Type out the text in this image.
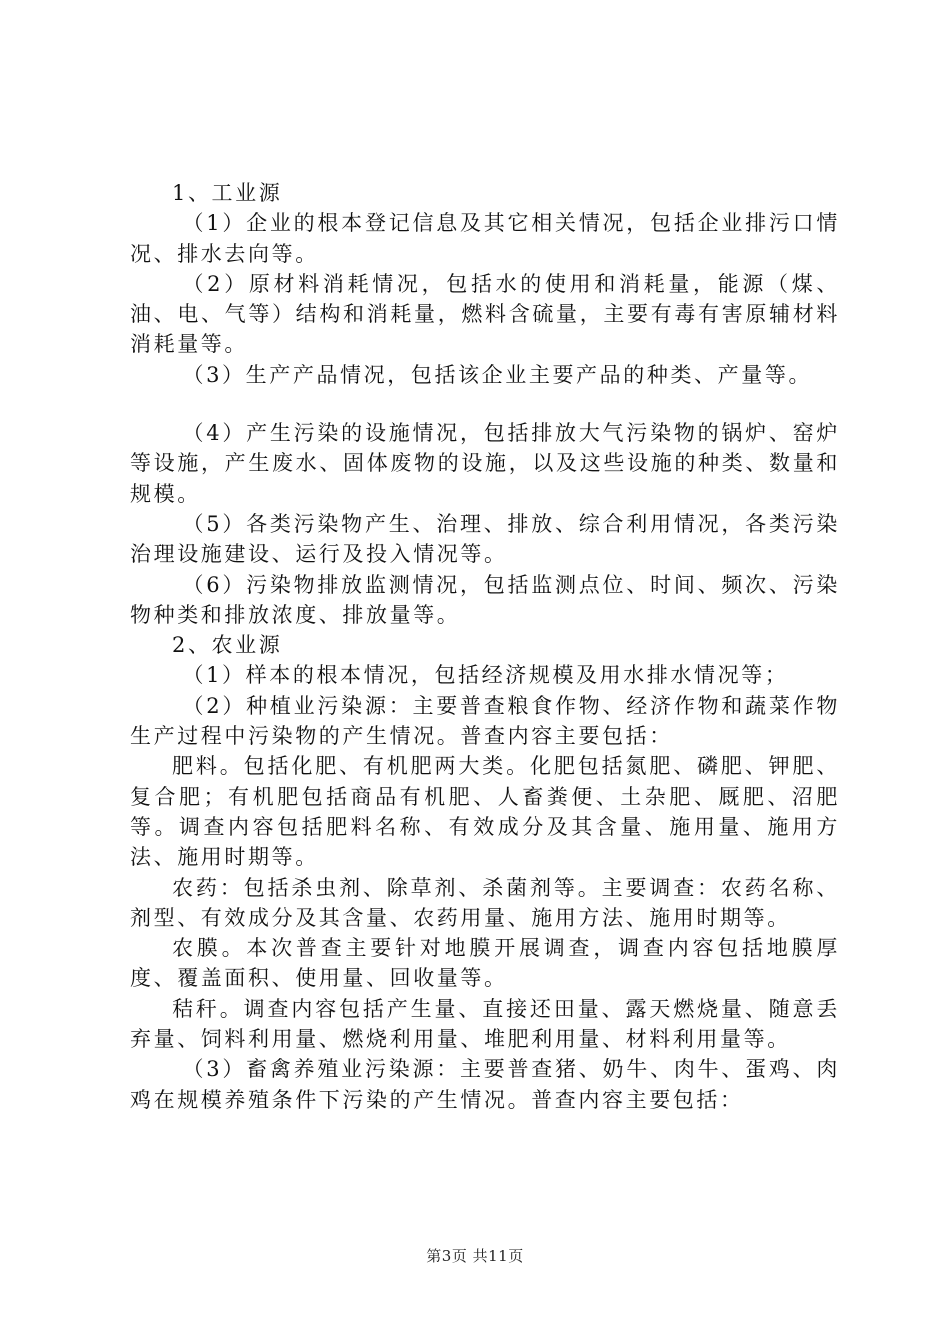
1、工业源

（1）企业的根本登记信息及其它相关情况，包括企业排污口情况、排水去向等。

（2）原材料消耗情况，包括水的使用和消耗量，能源（煤、油、电、气等）结构和消耗量，燃料含硫量，主要有毒有害原辅材料消耗量等。

（3）生产产品情况，包括该企业主要产品的种类、产量等。

（4）产生污染的设施情况，包括排放大气污染物的锅炉、窑炉等设施，产生废水、固体废物的设施，以及这些设施的种类、数量和规模。

（5）各类污染物产生、治理、排放、综合利用情况，各类污染治理设施建设、运行及投入情况等。

（6）污染物排放监测情况，包括监测点位、时间、频次、污染物种类和排放浓度、排放量等。

2、农业源

（1）样本的根本情况，包括经济规模及用水排水情况等；

（2）种植业污染源：主要普查粮食作物、经济作物和蔬菜作物生产过程中污染物的产生情况。普查内容主要包括：

肥料。包括化肥、有机肥两大类。化肥包括氮肥、磷肥、钾肥、复合肥；有机肥包括商品有机肥、人畜粪便、土杂肥、厩肥、沼肥等。调查内容包括肥料名称、有效成分及其含量、施用量、施用方法、施用时期等。

农药：包括杀虫剂、除草剂、杀菌剂等。主要调查：农药名称、剂型、有效成分及其含量、农药用量、施用方法、施用时期等。

农膜。本次普查主要针对地膜开展调查，调查内容包括地膜厚度、覆盖面积、使用量、回收量等。

秸秆。调查内容包括产生量、直接还田量、露天燃烧量、随意丢弃量、饲料利用量、燃烧利用量、堆肥利用量、材料利用量等。

（3）畜禽养殖业污染源：主要普查猪、奶牛、肉牛、蛋鸡、肉鸡在规模养殖条件下污染的产生情况。普查内容主要包括：

第3页 共11页
